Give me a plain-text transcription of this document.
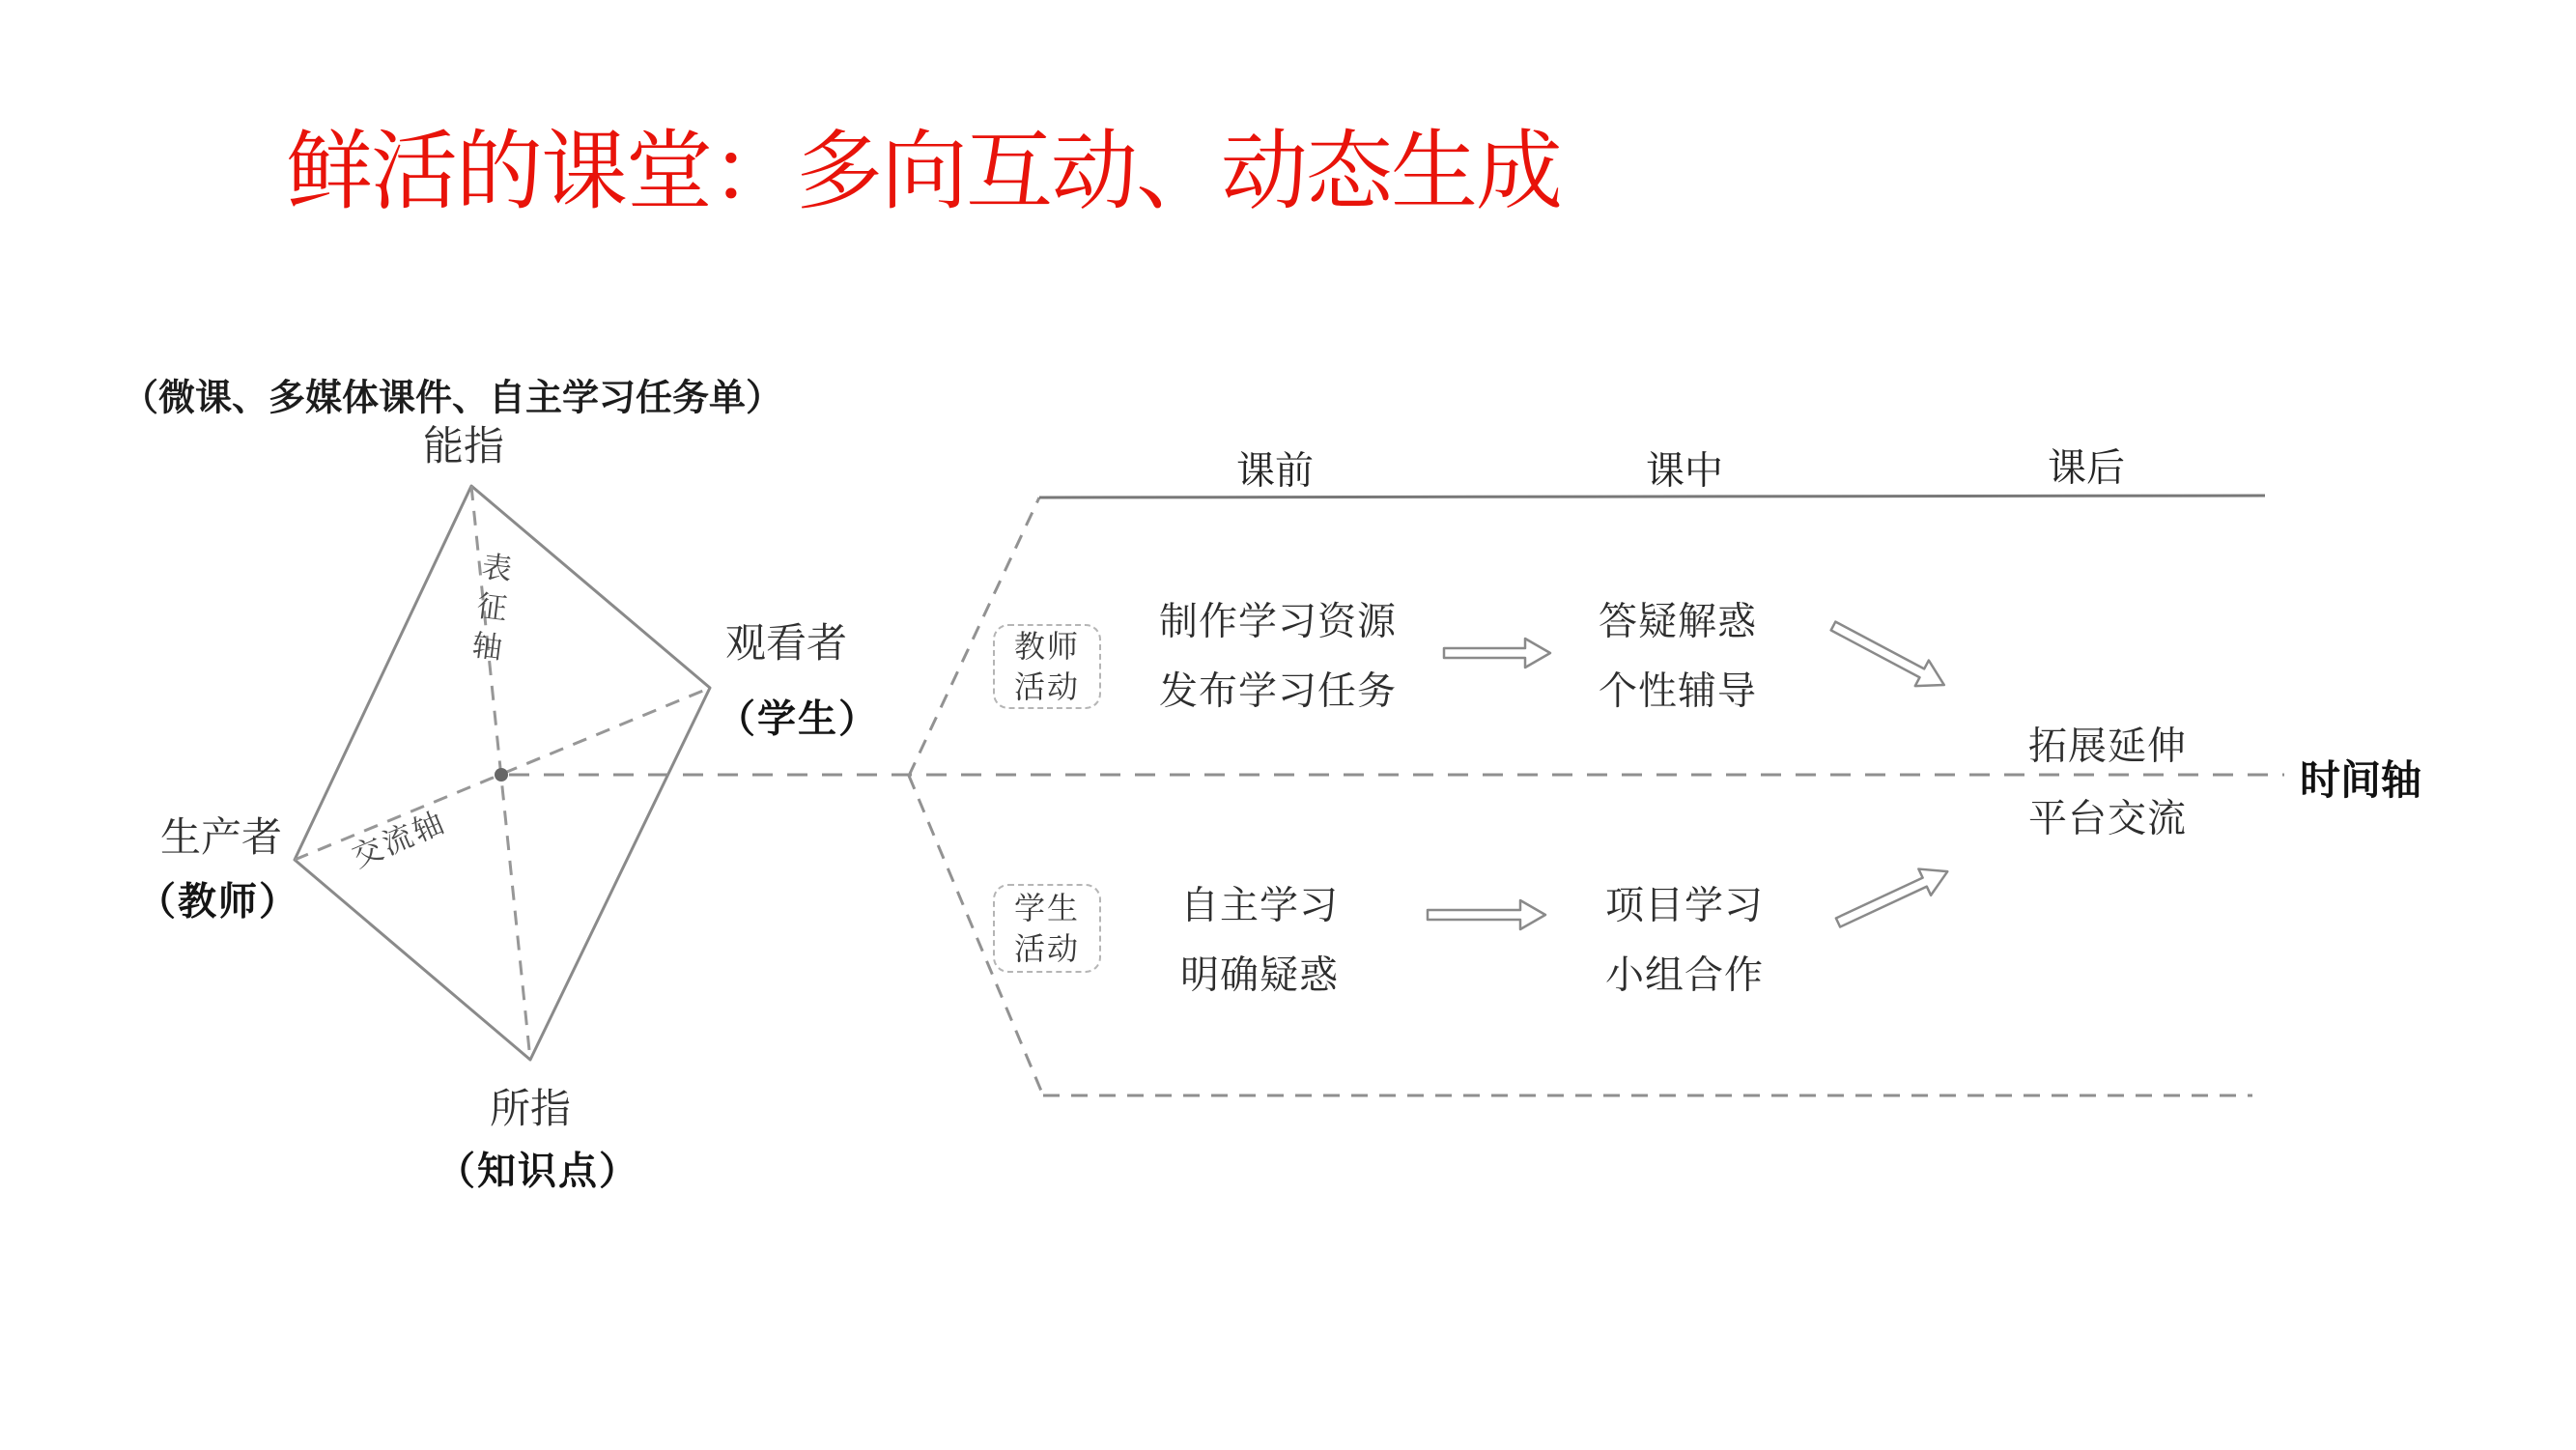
鲜活的课堂：多向互动、动态生成
（微课、多媒体课件、自主学习任务单）
能指
观看者
（学生）
生产者
（教师）
所指
（知识点）
表征轴
交流轴
课前	课中	课后
时间轴
教师
活动
制作学习资源
发布学习任务
答疑解惑
个性辅导
学生
活动
自主学习
明确疑惑
项目学习
小组合作
拓展延伸
平台交流
